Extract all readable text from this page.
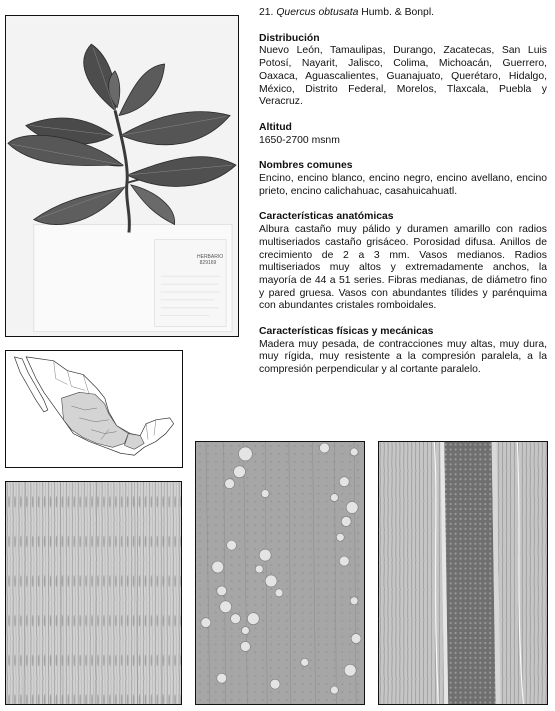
HERBARIO
829169

21. Quercus obtusata Humb. & Bonpl.

Distribución

Nuevo León, Tamaulipas, Durango, Zacatecas, San Luis Potosí, Nayarit, Jalisco, Colima, Michoacán, Guerrero, Oaxaca, Aguascalientes, Guanajuato, Querétaro, Hidalgo, México, Distrito Federal, Morelos, Tlaxcala, Puebla y Veracruz.

Altitud

1650-2700 msnm

Nombres comunes

Encino, encino blanco, encino negro, encino avellano, encino prieto, encino calichahuac, casahuicahuatl.

Características anatómicas

Albura castaño muy pálido y duramen amarillo con radios multiseriados castaño grisáceo. Porosidad difusa. Anillos de crecimiento de 2 a 3 mm. Vasos medianos. Radios multiseriados muy altos y extremadamente anchos, la mayoría de 44 a 51 series. Fibras medianas, de diámetro fino y pared gruesa. Vasos con abundantes tílides y parénquima con abundantes cristales romboidales.

Características físicas y mecánicas

Madera muy pesada, de contracciones muy altas, muy dura, muy rígida, muy resistente a la compresión paralela, a la compresión perpendicular y al cortante paralelo.
